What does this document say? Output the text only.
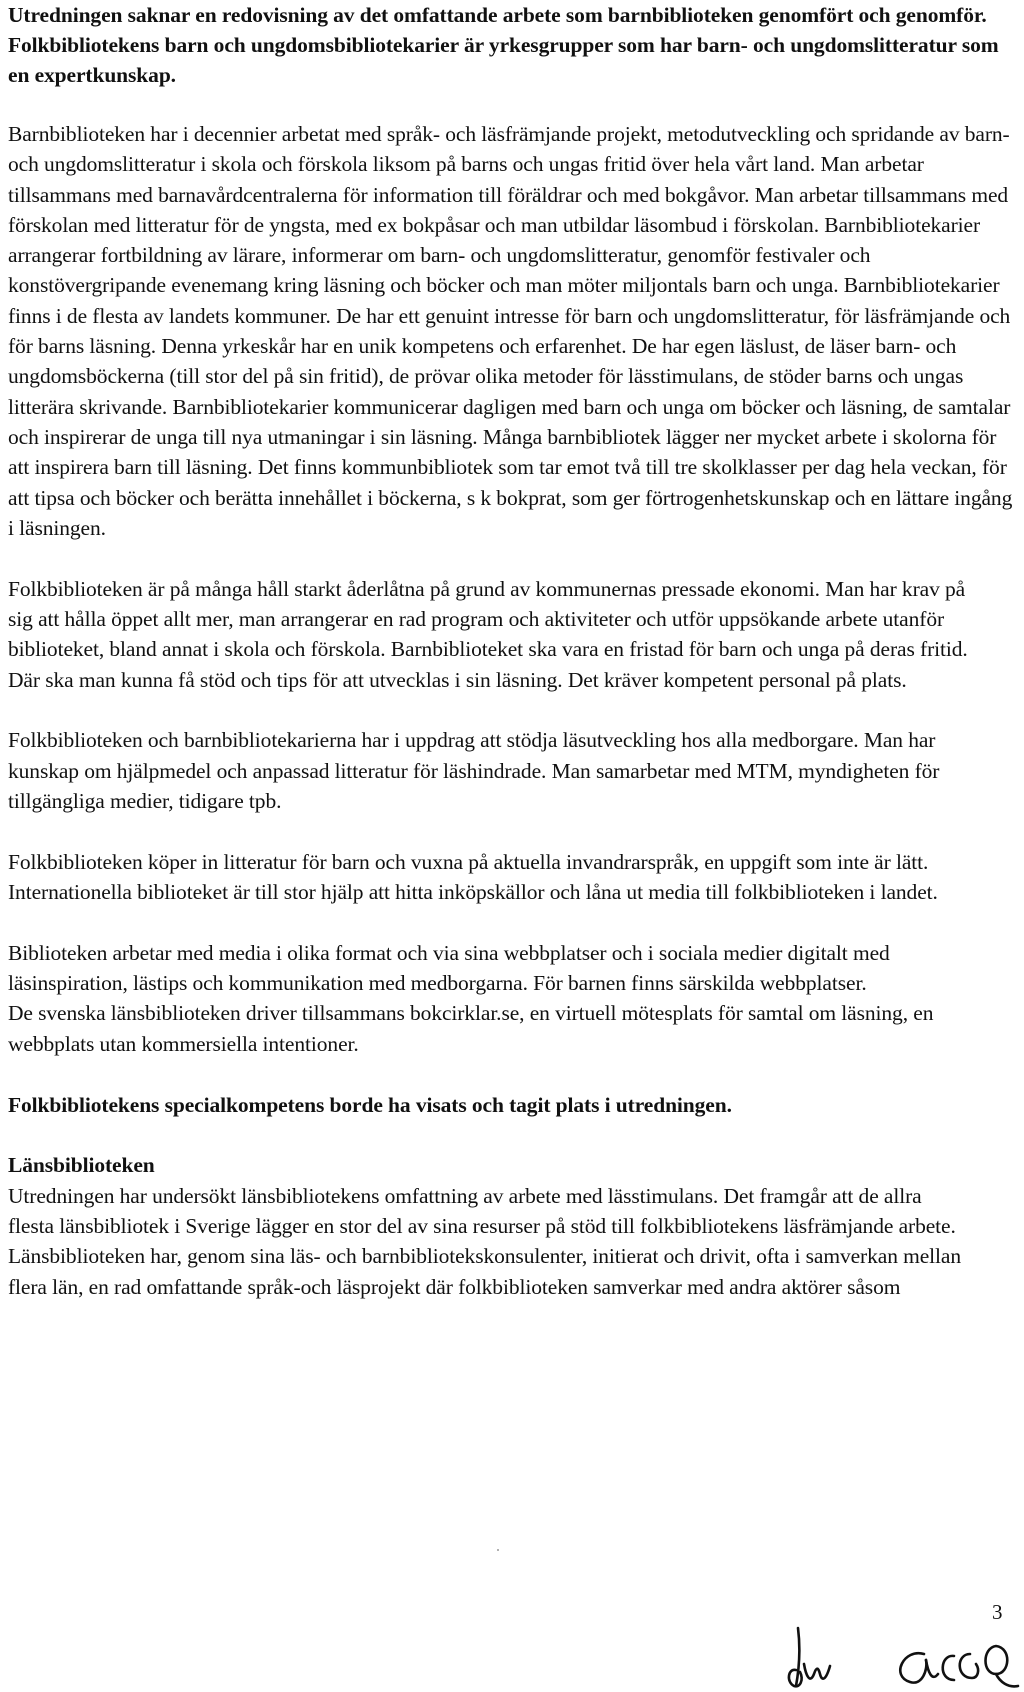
Utredningen saknar en redovisning av det omfattande arbete som barnbiblioteken genomfört och genomför. Folkbibliotekens barn och ungdomsbibliotekarier är yrkesgrupper som har barn- och ungdomslitteratur som en expertkunskap.

Barnbiblioteken har i decennier arbetat med språk- och läsfrämjande projekt, metodutveckling och spridande av barn- och ungdomslitteratur i skola och förskola liksom på barns och ungas fritid över hela vårt land. Man arbetar tillsammans med barnavårdcentralerna för information till föräldrar och med bokgåvor. Man arbetar tillsammans med förskolan med litteratur för de yngsta, med ex bokpåsar och man utbildar läsombud i förskolan. Barnbibliotekarier arrangerar fortbildning av lärare, informerar om barn- och ungdomslitteratur, genomför festivaler och konstövergripande evenemang kring läsning och böcker och man möter miljontals barn och unga. Barnbibliotekarier finns i de flesta av landets kommuner. De har ett genuint intresse för barn och ungdomslitteratur, för läsfrämjande och för barns läsning. Denna yrkeskår har en unik kompetens och erfarenhet. De har egen läslust, de läser barn- och ungdomsböckerna (till stor del på sin fritid), de prövar olika metoder för lässtimulans, de stöder barns och ungas litterära skrivande. Barnbibliotekarier kommunicerar dagligen med barn och unga om böcker och läsning, de samtalar och inspirerar de unga till nya utmaningar i sin läsning. Många barnbibliotek lägger ner mycket arbete i skolorna för att inspirera barn till läsning. Det finns kommunbibliotek som tar emot två till tre skolklasser per dag hela veckan, för att tipsa och böcker och berätta innehållet i böckerna, s k bokprat, som ger förtrogenhetskunskap och en lättare ingång i läsningen.

Folkbiblioteken är på många håll starkt åderlåtna på grund av kommunernas pressade ekonomi. Man har krav på sig att hålla öppet allt mer, man arrangerar en rad program och aktiviteter och utför uppsökande arbete utanför biblioteket, bland annat i skola och förskola. Barnbiblioteket ska vara en fristad för barn och unga på deras fritid. Där ska man kunna få stöd och tips för att utvecklas i sin läsning. Det kräver kompetent personal på plats.

Folkbiblioteken och barnbibliotekarierna har i uppdrag att stödja läsutveckling hos alla medborgare. Man har kunskap om hjälpmedel och anpassad litteratur för läshindrade. Man samarbetar med MTM, myndigheten för tillgängliga medier, tidigare tpb.

Folkbiblioteken köper in litteratur för barn och vuxna på aktuella invandrarspråk, en uppgift som inte är lätt. Internationella biblioteket är till stor hjälp att hitta inköpskällor och låna ut media till folkbiblioteken i landet.

Biblioteken arbetar med media i olika format och via sina webbplatser och i sociala medier digitalt med läsinspiration, lästips och kommunikation med medborgarna. För barnen finns särskilda webbplatser.

De svenska länsbiblioteken driver tillsammans bokcirklar.se, en virtuell mötesplats för samtal om läsning, en webbplats utan kommersiella intentioner.

Folkbibliotekens specialkompetens borde ha visats och tagit plats i utredningen.

Länsbiblioteken

Utredningen har undersökt länsbibliotekens omfattning av arbete med lässtimulans. Det framgår att de allra flesta länsbibliotek i Sverige lägger en stor del av sina resurser på stöd till folkbibliotekens läsfrämjande arbete. Länsbiblioteken har, genom sina läs- och barnbibliotekskonsulenter, initierat och drivit, ofta i samverkan mellan flera län, en rad omfattande språk-och läsprojekt där folkbiblioteken samverkar med andra aktörer såsom

3
